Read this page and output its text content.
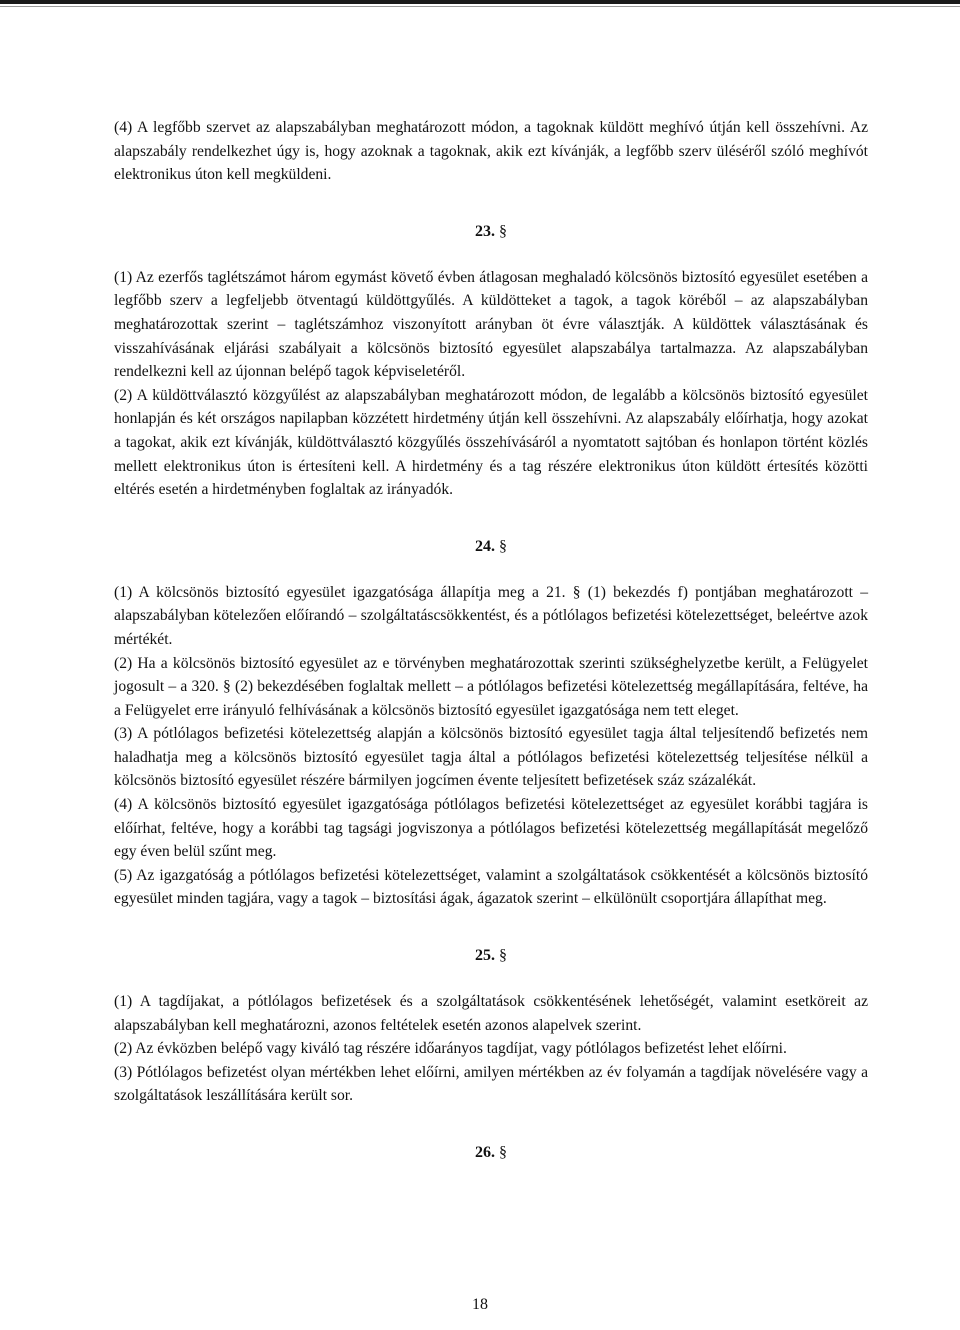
(4) A legfőbb szervet az alapszabályban meghatározott módon, a tagoknak küldött meghívó útján kell összehívni. Az alapszabály rendelkezhet úgy is, hogy azoknak a tagoknak, akik ezt kívánják, a legfőbb szerv üléséről szóló meghívót elektronikus úton kell megküldeni.

23. §

(1) Az ezerfős taglétszámot három egymást követő évben átlagosan meghaladó kölcsönös biztosító egyesület esetében a legfőbb szerv a legfeljebb ötventagú küldöttgyűlés. A küldötteket a tagok, a tagok köréből – az alapszabályban meghatározottak szerint – taglétszámhoz viszonyított arányban öt évre választják. A küldöttek választásának és visszahívásának eljárási szabályait a kölcsönös biztosító egyesület alapszabálya tartalmazza. Az alapszabályban rendelkezni kell az újonnan belépő tagok képviseletéről.

(2) A küldöttválasztó közgyűlést az alapszabályban meghatározott módon, de legalább a kölcsönös biztosító egyesület honlapján és két országos napilapban közzétett hirdetmény útján kell összehívni. Az alapszabály előírhatja, hogy azokat a tagokat, akik ezt kívánják, küldöttválasztó közgyűlés összehívásáról a nyomtatott sajtóban és honlapon történt közlés mellett elektronikus úton is értesíteni kell. A hirdetmény és a tag részére elektronikus úton küldött értesítés közötti eltérés esetén a hirdetményben foglaltak az irányadók.

24. §

(1) A kölcsönös biztosító egyesület igazgatósága állapítja meg a 21. § (1) bekezdés f) pontjában meghatározott – alapszabályban kötelezően előírandó – szolgáltatáscsökkentést, és a pótlólagos befizetési kötelezettséget, beleértve azok mértékét.

(2) Ha a kölcsönös biztosító egyesület az e törvényben meghatározottak szerinti szükséghelyzetbe került, a Felügyelet jogosult – a 320. § (2) bekezdésében foglaltak mellett – a pótlólagos befizetési kötelezettség megállapítására, feltéve, ha a Felügyelet erre irányuló felhívásának a kölcsönös biztosító egyesület igazgatósága nem tett eleget.

(3) A pótlólagos befizetési kötelezettség alapján a kölcsönös biztosító egyesület tagja által teljesítendő befizetés nem haladhatja meg a kölcsönös biztosító egyesület tagja által a pótlólagos befizetési kötelezettség teljesítése nélkül a kölcsönös biztosító egyesület részére bármilyen jogcímen évente teljesített befizetések száz százalékát.

(4) A kölcsönös biztosító egyesület igazgatósága pótlólagos befizetési kötelezettséget az egyesület korábbi tagjára is előírhat, feltéve, hogy a korábbi tag tagsági jogviszonya a pótlólagos befizetési kötelezettség megállapítását megelőző egy éven belül szűnt meg.

(5) Az igazgatóság a pótlólagos befizetési kötelezettséget, valamint a szolgáltatások csökkentését a kölcsönös biztosító egyesület minden tagjára, vagy a tagok – biztosítási ágak, ágazatok szerint – elkülönült csoportjára állapíthat meg.

25. §

(1) A tagdíjakat, a pótlólagos befizetések és a szolgáltatások csökkentésének lehetőségét, valamint esetköreit az alapszabályban kell meghatározni, azonos feltételek esetén azonos alapelvek szerint.

(2) Az évközben belépő vagy kiváló tag részére időarányos tagdíjat, vagy pótlólagos befizetést lehet előírni.

(3) Pótlólagos befizetést olyan mértékben lehet előírni, amilyen mértékben az év folyamán a tagdíjak növelésére vagy a szolgáltatások leszállítására került sor.

26. §

18
